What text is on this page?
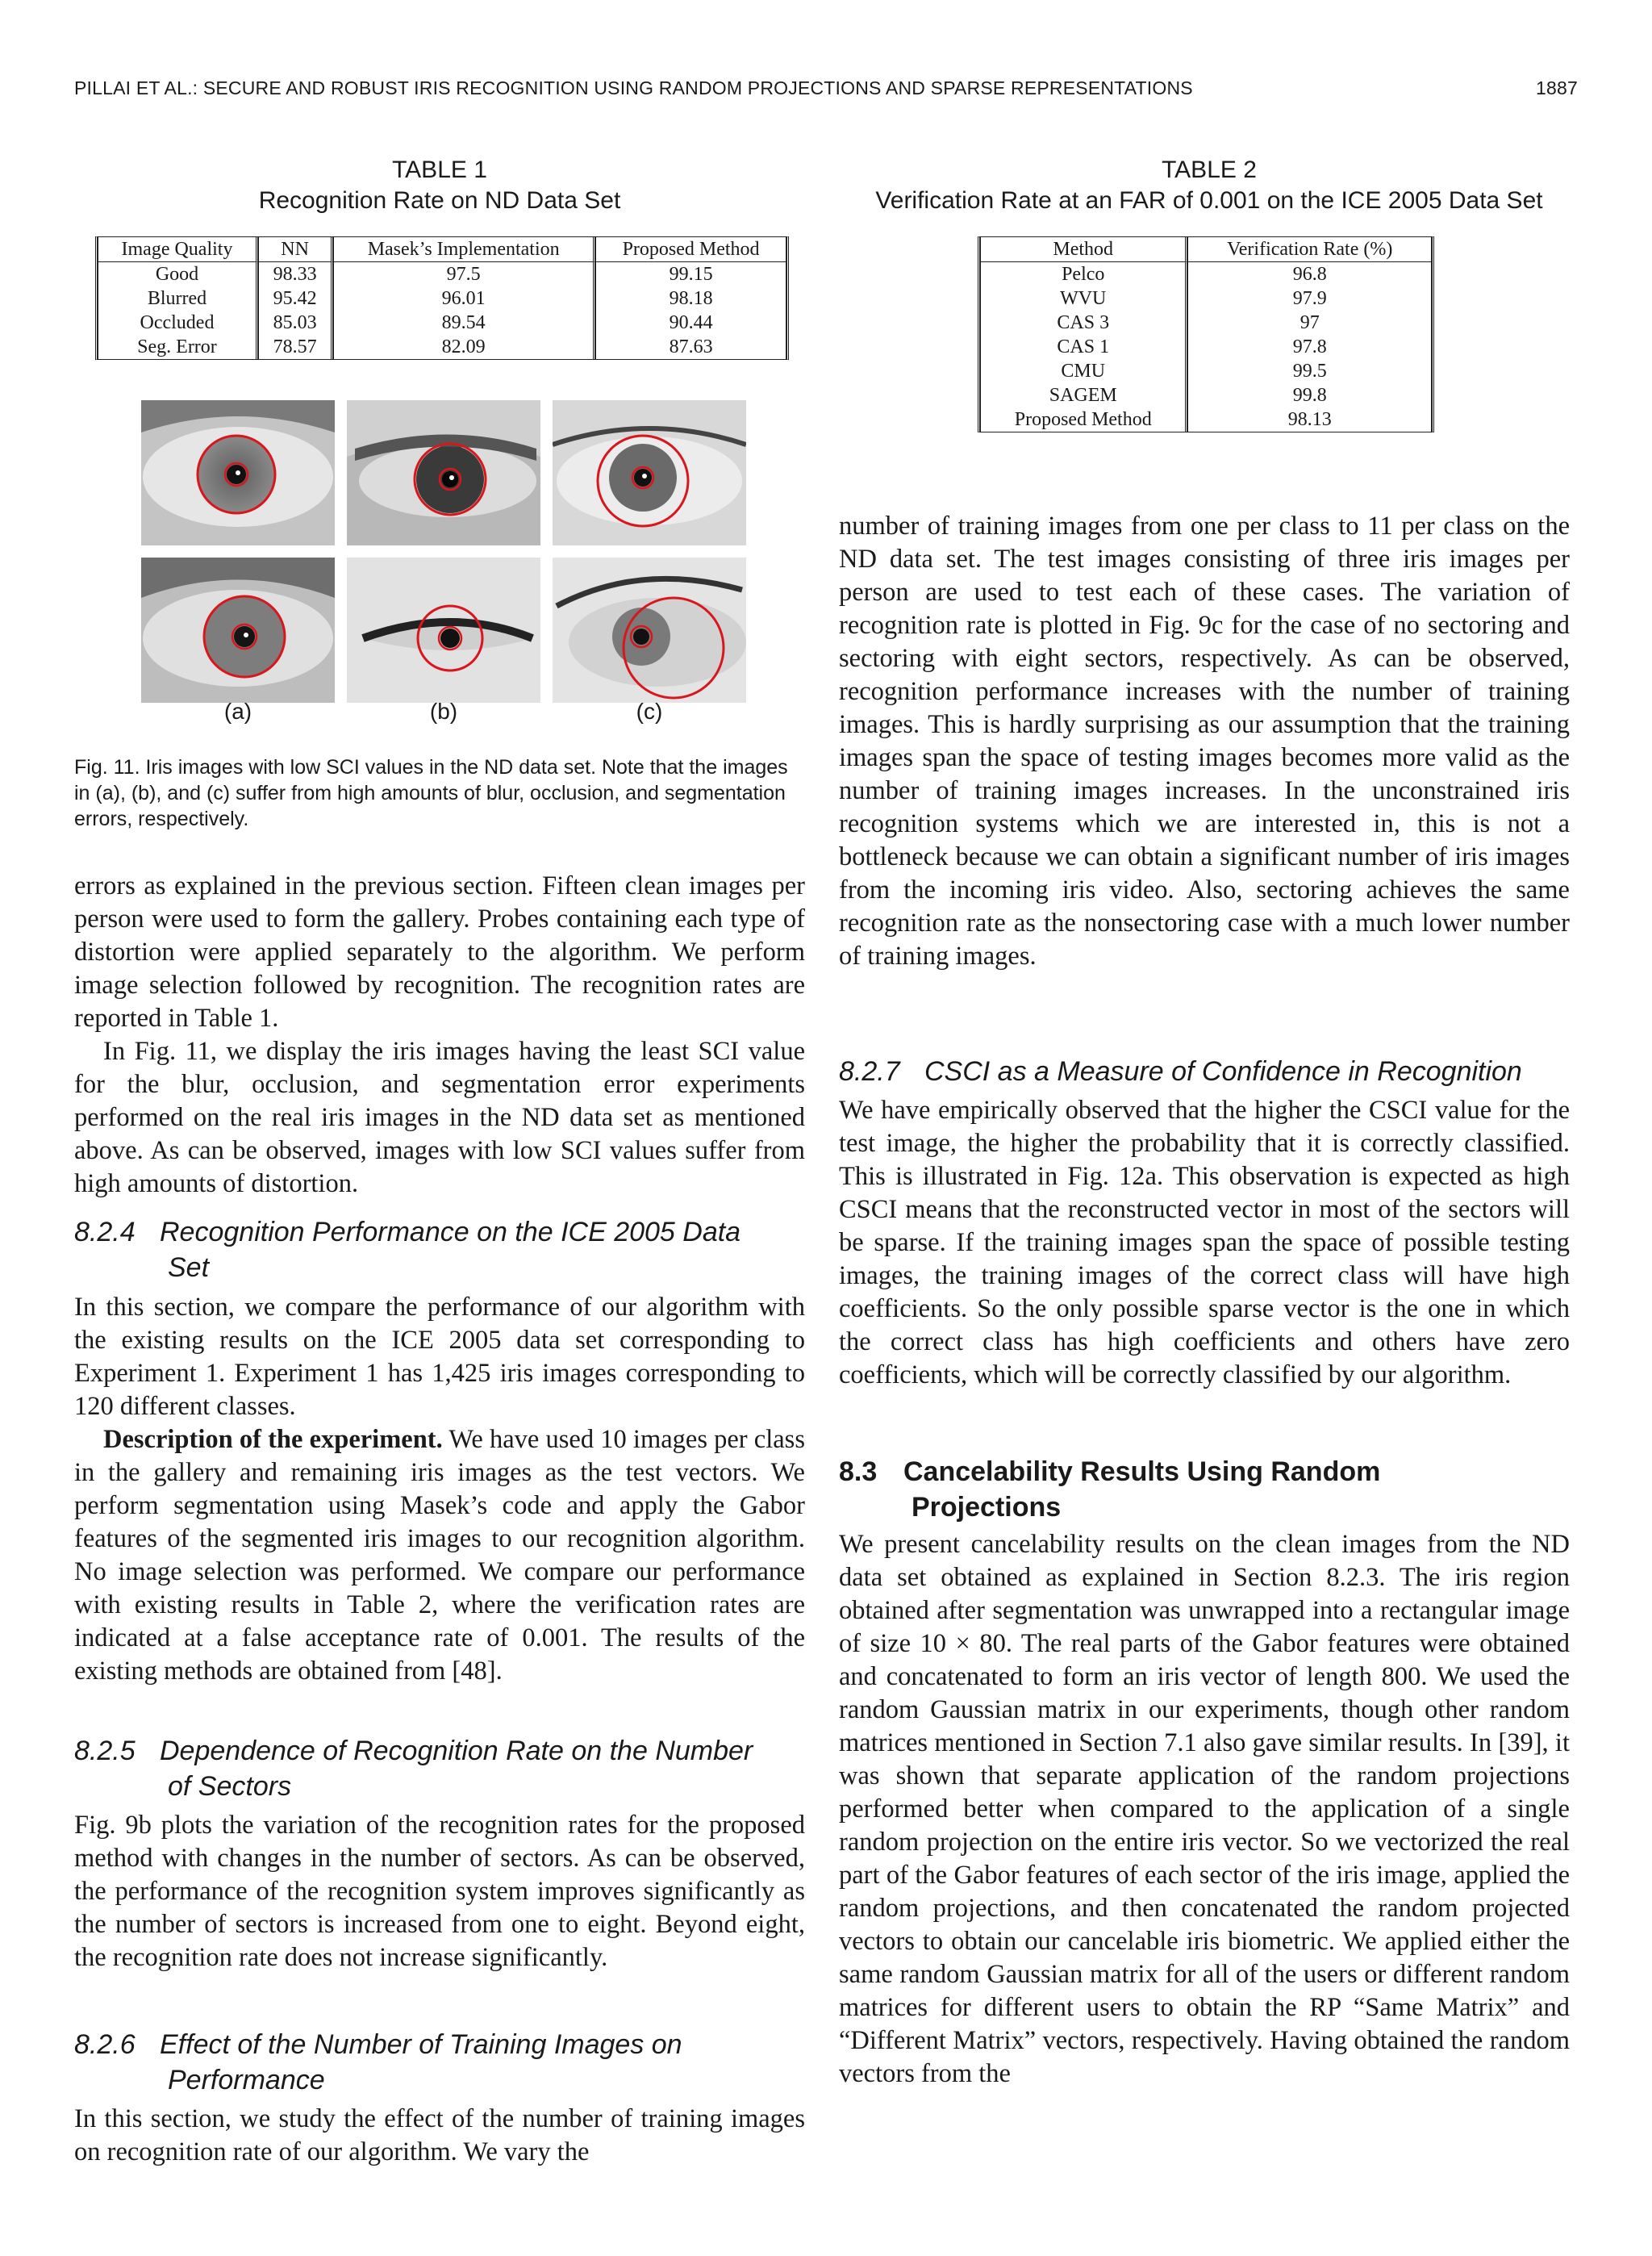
PILLAI ET AL.: SECURE AND ROBUST IRIS RECOGNITION USING RANDOM PROJECTIONS AND SPARSE REPRESENTATIONS	1887
TABLE 1
Recognition Rate on ND Data Set
Image Quality	NN	Masek’s Implementation	Proposed Method
Good	98.33	97.5	99.15
Blurred	95.42	96.01	98.18
Occluded	85.03	89.54	90.44
Seg. Error	78.57	82.09	87.63
TABLE 2
Verification Rate at an FAR of 0.001 on the ICE 2005 Data Set
Method	Verification Rate (%)
Pelco	96.8
WVU	97.9
CAS 3	97
CAS 1	97.8
CMU	99.5
SAGEM	99.8
Proposed Method	98.13
(a)	(b)	(c)
Fig. 11. Iris images with low SCI values in the ND data set. Note that the images in (a), (b), and (c) suffer from high amounts of blur, occlusion, and segmentation errors, respectively.

errors as explained in the previous section. Fifteen clean images per person were used to form the gallery. Probes containing each type of distortion were applied separately to the algorithm. We perform image selection followed by recognition. The recognition rates are reported in Table 1.

In Fig. 11, we display the iris images having the least SCI value for the blur, occlusion, and segmentation error experiments performed on the real iris images in the ND data set as mentioned above. As can be observed, images with low SCI values suffer from high amounts of distortion.

8.2.4 Recognition Performance on the ICE 2005 Data
Set

In this section, we compare the performance of our algorithm with the existing results on the ICE 2005 data set corresponding to Experiment 1. Experiment 1 has 1,425 iris images corresponding to 120 different classes.

Description of the experiment. We have used 10 images per class in the gallery and remaining iris images as the test vectors. We perform segmentation using Masek’s code and apply the Gabor features of the segmented iris images to our recognition algorithm. No image selection was performed. We compare our performance with existing results in Table 2, where the verification rates are indicated at a false acceptance rate of 0.001. The results of the existing methods are obtained from [48].

8.2.5 Dependence of Recognition Rate on the Number
of Sectors

Fig. 9b plots the variation of the recognition rates for the proposed method with changes in the number of sectors. As can be observed, the performance of the recognition system improves significantly as the number of sectors is increased from one to eight. Beyond eight, the recognition rate does not increase significantly.

8.2.6 Effect of the Number of Training Images on
Performance

In this section, we study the effect of the number of training images on recognition rate of our algorithm. We vary the

number of training images from one per class to 11 per class on the ND data set. The test images consisting of three iris images per person are used to test each of these cases. The variation of recognition rate is plotted in Fig. 9c for the case of no sectoring and sectoring with eight sectors, respectively. As can be observed, recognition performance increases with the number of training images. This is hardly surprising as our assumption that the training images span the space of testing images becomes more valid as the number of training images increases. In the unconstrained iris recognition systems which we are interested in, this is not a bottleneck because we can obtain a significant number of iris images from the incoming iris video. Also, sectoring achieves the same recognition rate as the nonsectoring case with a much lower number of training images.

8.2.7 CSCI as a Measure of Confidence in Recognition

We have empirically observed that the higher the CSCI value for the test image, the higher the probability that it is correctly classified. This is illustrated in Fig. 12a. This observation is expected as high CSCI means that the reconstructed vector in most of the sectors will be sparse. If the training images span the space of possible testing images, the training images of the correct class will have high coefficients. So the only possible sparse vector is the one in which the correct class has high coefficients and others have zero coefficients, which will be correctly classified by our algorithm.

8.3 Cancelability Results Using Random
Projections

We present cancelability results on the clean images from the ND data set obtained as explained in Section 8.2.3. The iris region obtained after segmentation was unwrapped into a rectangular image of size 10 × 80. The real parts of the Gabor features were obtained and concatenated to form an iris vector of length 800. We used the random Gaussian matrix in our experiments, though other random matrices mentioned in Section 7.1 also gave similar results. In [39], it was shown that separate application of the random projections performed better when compared to the application of a single random projection on the entire iris vector. So we vectorized the real part of the Gabor features of each sector of the iris image, applied the random projections, and then concatenated the random projected vectors to obtain our cancelable iris biometric. We applied either the same random Gaussian matrix for all of the users or different random matrices for different users to obtain the RP “Same Matrix” and “Different Matrix” vectors, respectively. Having obtained the random vectors from the
